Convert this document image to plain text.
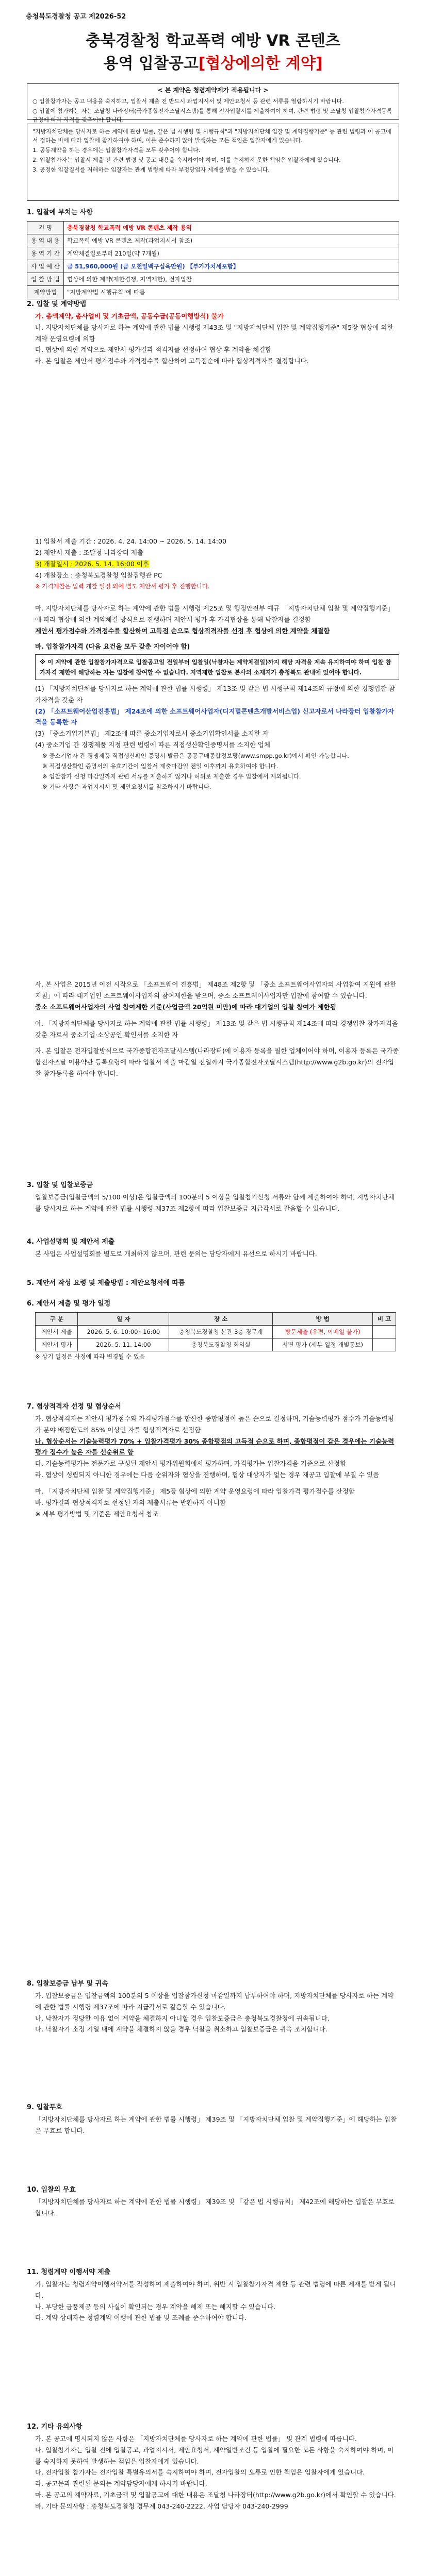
충청북도경찰청 공고 제2026-52
충북경찰청 학교폭력 예방 VR 콘텐츠
용역 입찰공고[협상에의한 계약]
< 본 계약은 청렴계약제가 적용됩니다 >

○ 입찰참가자는 공고 내용을 숙지하고, 입찰서 제출 전 반드시 과업지시서 및 제안요청서 등 관련 서류를 열람하시기 바랍니다.

○ 입찰에 참가하는 자는 조달청 나라장터(국가종합전자조달시스템)를 통해 전자입찰서를 제출하여야 하며, 관련 법령 및 조달청 입찰참가자격등록규정에 따라 자격을 갖추어야 합니다.

"지방자치단체를 당사자로 하는 계약에 관한 법률, 같은 법 시행령 및 시행규칙"과 "지방자치단체 입찰 및 계약집행기준" 등 관련 법령과 이 공고에서 정하는 바에 따라 입찰에 참가하여야 하며, 이를 준수하지 않아 발생하는 모든 책임은 입찰자에게 있습니다.

1. 공동계약을 하는 경우에는 입찰참가자격을 모두 갖추어야 합니다.

2. 입찰참가자는 입찰서 제출 전 관련 법령 및 공고 내용을 숙지하여야 하며, 이를 숙지하지 못한 책임은 입찰자에게 있습니다.

3. 공정한 입찰질서를 저해하는 입찰자는 관계 법령에 따라 부정당업자 제재를 받을 수 있습니다.

1. 입찰에 부치는 사항
건 명	충북경찰청 학교폭력 예방 VR 콘텐츠 제작 용역
용 역 내 용	학교폭력 예방 VR 콘텐츠 제작(과업지시서 참조)
용 역 기 간	계약체결일로부터 210일(약 7개월)
사 업 예 산	금 51,960,000원 (금 오천일백구십육만원) 【부가가치세포함】
입 찰 방 법	협상에 의한 계약(제한경쟁, 지역제한), 전자입찰
계약방법	"지방계약법 시행규칙"에 따름
2. 입찰 및 계약방법

가. 총액계약, 총사업비 및 기초금액, 공동수급(공동이행방식) 불가

나. 지방자치단체를 당사자로 하는 계약에 관한 법률 시행령 제43조 및 "지방자치단체 입찰 및 계약집행기준" 제5장 협상에 의한 계약 운영요령에 의함

다. 협상에 의한 계약으로 제안서 평가결과 적격자를 선정하여 협상 후 계약을 체결함

라. 본 입찰은 제안서 평가점수와 가격점수를 합산하여 고득점순에 따라 협상적격자를 결정합니다.

1) 입찰서 제출 기간 : 2026. 4. 24. 14:00 ~ 2026. 5. 14. 14:00

2) 제안서 제출 : 조달청 나라장터 제출

3) 개찰일시 : 2026. 5. 14. 16:00 이후

4) 개찰장소 : 충청북도경찰청 입찰집행관 PC

※ 가격개찰은 입력 개찰 일정 외에 별도 제안서 평가 후 진행합니다.

마. 지방자치단체를 당사자로 하는 계약에 관한 법률 시행령 제25조 및 행정안전부 예규 「지방자치단체 입찰 및 계약집행기준」에 따라 협상에 의한 계약체결 방식으로 진행하며 제안서 평가 후 가격협상을 통해 낙찰자를 결정함

제안서 평가점수와 가격점수를 합산하여 고득점 순으로 협상적격자를 선정 후 협상에 의한 계약을 체결함

바. 입찰참가자격 (다음 요건을 모두 갖춘 자이어야 함)

※ 이 계약에 관한 입찰참가자격으로 입찰공고일 전일부터 입찰일(낙찰자는 계약체결일)까지 해당 자격을 계속 유지하여야 하며 입찰 참가자격 제한에 해당하는 자는 입찰에 참여할 수 없습니다. 지역제한 입찰로 본사의 소재지가 충청북도 관내에 있어야 합니다.

(1) 「지방자치단체를 당사자로 하는 계약에 관한 법률 시행령」 제13조 및 같은 법 시행규칙 제14조의 규정에 의한 경쟁입찰 참가자격을 갖춘 자

(2) 「소프트웨어산업진흥법」 제24조에 의한 소프트웨어사업자(디지털콘텐츠개발서비스업) 신고자로서 나라장터 입찰참가자격을 등록한 자

(3) 「중소기업기본법」 제2조에 따른 중소기업자로서 중소기업확인서를 소지한 자

(4) 중소기업 간 경쟁제품 지정 관련 법령에 따른 직접생산확인증명서를 소지한 업체

※ 중소기업자 간 경쟁제품 직접생산확인 증명서 발급은 공공구매종합정보망(www.smpp.go.kr)에서 확인 가능합니다.

※ 직접생산확인 증명서의 유효기간이 입찰서 제출마감일 전일 이후까지 유효하여야 합니다.

※ 입찰참가 신청 마감일까지 관련 서류를 제출하지 않거나 허위로 제출한 경우 입찰에서 제외됩니다.

※ 기타 사항은 과업지시서 및 제안요청서를 참조하시기 바랍니다.

사. 본 사업은 2015년 이전 시작으로 「소프트웨어 진흥법」 제48조 제2항 및 「중소 소프트웨어사업자의 사업참여 지원에 관한 지침」에 따라 대기업인 소프트웨어사업자의 참여제한을 받으며, 중소 소프트웨어사업자만 입찰에 참여할 수 있습니다.

중소 소프트웨어사업자의 사업 참여제한 기준(사업금액 20억원 미만)에 따라 대기업의 입찰 참여가 제한됨

아. 「지방자치단체를 당사자로 하는 계약에 관한 법률 시행령」 제13조 및 같은 법 시행규칙 제14조에 따라 경쟁입찰 참가자격을 갖춘 자로서 중소기업·소상공인 확인서를 소지한 자

자. 본 입찰은 전자입찰방식으로 국가종합전자조달시스템(나라장터)에 이용자 등록을 필한 업체이어야 하며, 이용자 등록은 국가종합전자조달 이용약관 등록요령에 따라 입찰서 제출 마감일 전일까지 국가종합전자조달시스템(http://www.g2b.go.kr)의 전자입찰 참가등록을 하여야 합니다.

3. 입찰 및 입찰보증금

입찰보증금(입찰금액의 5/100 이상)은 입찰금액의 100분의 5 이상을 입찰참가신청 서류와 함께 제출하여야 하며, 지방자치단체를 당사자로 하는 계약에 관한 법률 시행령 제37조 제2항에 따라 입찰보증금 지급각서로 갈음할 수 있습니다.

4. 사업설명회 및 제안서 제출

본 사업은 사업설명회를 별도로 개최하지 않으며, 관련 문의는 담당자에게 유선으로 하시기 바랍니다.

5. 제안서 작성 요령 및 제출방법 : 제안요청서에 따름
6. 제안서 제출 및 평가 일정
구 분	일 자	장 소	방 법	비 고
제안서 제출	2026. 5. 6. 10:00~16:00	충청북도경찰청 본관 3층 경무계	방문제출 (우편, 이메일 불가)	
제안서 평가	2026. 5. 11. 14:00	충청북도경찰청 회의실	서면 평가 (세부 일정 개별통보)	

※ 상기 일정은 사정에 따라 변경될 수 있음

7. 협상적격자 선정 및 협상순서

가. 협상적격자는 제안서 평가점수와 가격평가점수를 합산한 종합평점이 높은 순으로 결정하며, 기술능력평가 점수가 기술능력평가 분야 배점한도의 85% 이상인 자를 협상적격자로 선정함

나. 협상순서는 기술능력평가 70% + 입찰가격평가 30% 종합평점의 고득점 순으로 하며, 종합평점이 같은 경우에는 기술능력평가 점수가 높은 자를 선순위로 함

다. 기술능력평가는 전문가로 구성된 제안서 평가위원회에서 평가하며, 가격평가는 입찰가격을 기준으로 산정함

라. 협상이 성립되지 아니한 경우에는 다음 순위자와 협상을 진행하며, 협상 대상자가 없는 경우 재공고 입찰에 부칠 수 있음

마. 「지방자치단체 입찰 및 계약집행기준」 제5장 협상에 의한 계약 운영요령에 따라 입찰가격 평가점수를 산정함

바. 평가결과 협상적격자로 선정된 자의 제출서류는 반환하지 아니함

※ 세부 평가방법 및 기준은 제안요청서 참조

8. 입찰보증금 납부 및 귀속

가. 입찰보증금은 입찰금액의 100분의 5 이상을 입찰참가신청 마감일까지 납부하여야 하며, 지방자치단체를 당사자로 하는 계약에 관한 법률 시행령 제37조에 따라 지급각서로 갈음할 수 있습니다.

나. 낙찰자가 정당한 이유 없이 계약을 체결하지 아니할 경우 입찰보증금은 충청북도경찰청에 귀속됩니다.

다. 낙찰자가 소정 기일 내에 계약을 체결하지 않을 경우 낙찰을 취소하고 입찰보증금은 귀속 조치합니다.

9. 입찰무효

「지방자치단체를 당사자로 하는 계약에 관한 법률 시행령」 제39조 및 「지방자치단체 입찰 및 계약집행기준」에 해당하는 입찰은 무효로 합니다.

10. 입찰의 무효

「지방자치단체를 당사자로 하는 계약에 관한 법률 시행령」 제39조 및 「같은 법 시행규칙」 제42조에 해당하는 입찰은 무효로 합니다.

11. 청렴계약 이행서약 제출

가. 입찰자는 청렴계약이행서약서를 작성하여 제출하여야 하며, 위반 시 입찰참가자격 제한 등 관련 법령에 따른 제재를 받게 됩니다.

나. 부당한 금품제공 등의 사실이 확인되는 경우 계약을 해제 또는 해지할 수 있습니다.

다. 계약 상대자는 청렴계약 이행에 관한 법률 및 조례를 준수하여야 합니다.

12. 기타 유의사항

가. 본 공고에 명시되지 않은 사항은 「지방자치단체를 당사자로 하는 계약에 관한 법률」 및 관계 법령에 따릅니다.

나. 입찰참가자는 입찰 전에 입찰공고, 과업지시서, 제안요청서, 계약일반조건 등 입찰에 필요한 모든 사항을 숙지하여야 하며, 이를 숙지하지 못하여 발생하는 책임은 입찰자에게 있습니다.

다. 전자입찰 참가자는 전자입찰 특별유의서를 숙지하여야 하며, 전자입찰의 오류로 인한 책임은 입찰자에게 있습니다.

라. 공고문과 관련된 문의는 계약담당자에게 하시기 바랍니다.

마. 본 공고의 계약자료, 기초금액 및 입찰공고에 대한 내용은 조달청 나라장터(http://www.g2b.go.kr)에서 확인할 수 있습니다.

바. 기타 문의사항 : 충청북도경찰청 경무계 043-240-2222, 사업 담당자 043-240-2999
